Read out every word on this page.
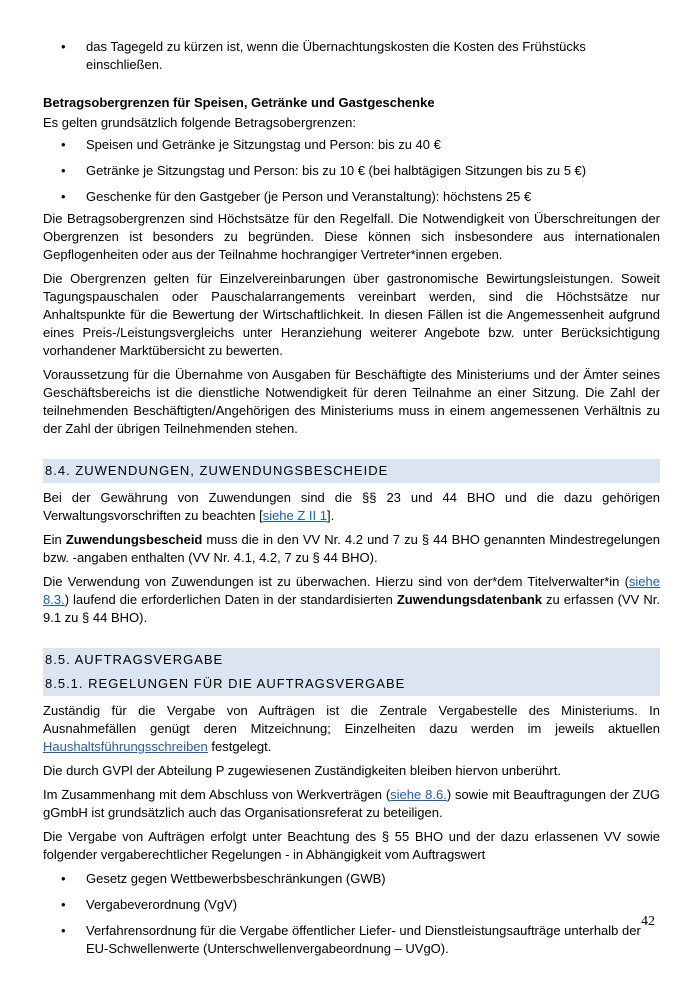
• das Tagegeld zu kürzen ist, wenn die Übernachtungskosten die Kosten des Frühstücks einschließen.

Betragsobergrenzen für Speisen, Getränke und Gastgeschenke

Es gelten grundsätzlich folgende Betragsobergrenzen:

• Speisen und Getränke je Sitzungstag und Person: bis zu 40 €
• Getränke je Sitzungstag und Person: bis zu 10 € (bei halbtägigen Sitzungen bis zu 5 €)
• Geschenke für den Gastgeber (je Person und Veranstaltung): höchstens 25 €

Die Betragsobergrenzen sind Höchstsätze für den Regelfall. Die Notwendigkeit von Überschreitungen der Obergrenzen ist besonders zu begründen. Diese können sich insbesondere aus internationalen Gepflogenheiten oder aus der Teilnahme hochrangiger Vertreter*innen ergeben.

Die Obergrenzen gelten für Einzelvereinbarungen über gastronomische Bewirtungsleistungen. Soweit Tagungspauschalen oder Pauschalarrangements vereinbart werden, sind die Höchstsätze nur Anhaltspunkte für die Bewertung der Wirtschaftlichkeit. In diesen Fällen ist die Angemessenheit aufgrund eines Preis-/Leistungsvergleichs unter Heranziehung weiterer Angebote bzw. unter Berücksichtigung vorhandener Marktübersicht zu bewerten.

Voraussetzung für die Übernahme von Ausgaben für Beschäftigte des Ministeriums und der Ämter seines Geschäftsbereichs ist die dienstliche Notwendigkeit für deren Teilnahme an einer Sitzung. Die Zahl der teilnehmenden Beschäftigten/Angehörigen des Ministeriums muss in einem angemessenen Verhältnis zu der Zahl der übrigen Teilnehmenden stehen.

8.4. ZUWENDUNGEN, ZUWENDUNGSBESCHEIDE

Bei der Gewährung von Zuwendungen sind die §§ 23 und 44 BHO und die dazu gehörigen Verwaltungsvorschriften zu beachten [siehe Z II 1].

Ein Zuwendungsbescheid muss die in den VV Nr. 4.2 und 7 zu § 44 BHO genannten Mindestregelungen bzw. -angaben enthalten (VV Nr. 4.1, 4.2, 7 zu § 44 BHO).

Die Verwendung von Zuwendungen ist zu überwachen. Hierzu sind von der*dem Titelverwalter*in (siehe 8.3.) laufend die erforderlichen Daten in der standardisierten Zuwendungsdatenbank zu erfassen (VV Nr. 9.1 zu § 44 BHO).

8.5. AUFTRAGSVERGABE
8.5.1. REGELUNGEN FÜR DIE AUFTRAGSVERGABE

Zuständig für die Vergabe von Aufträgen ist die Zentrale Vergabestelle des Ministeriums. In Ausnahmefällen genügt deren Mitzeichnung; Einzelheiten dazu werden im jeweils aktuellen Haushaltsführungsschreiben festgelegt.

Die durch GVPl der Abteilung P zugewiesenen Zuständigkeiten bleiben hiervon unberührt.

Im Zusammenhang mit dem Abschluss von Werkverträgen (siehe 8.6.) sowie mit Beauftragungen der ZUG gGmbH ist grundsätzlich auch das Organisationsreferat zu beteiligen.

Die Vergabe von Aufträgen erfolgt unter Beachtung des § 55 BHO und der dazu erlassenen VV sowie folgender vergaberechtlicher Regelungen - in Abhängigkeit vom Auftragswert

• Gesetz gegen Wettbewerbsbeschränkungen (GWB)
• Vergabeverordnung (VgV)
• Verfahrensordnung für die Vergabe öffentlicher Liefer- und Dienstleistungsaufträge unterhalb der EU-Schwellenwerte (Unterschwellenvergabeordnung – UVgO).
42
